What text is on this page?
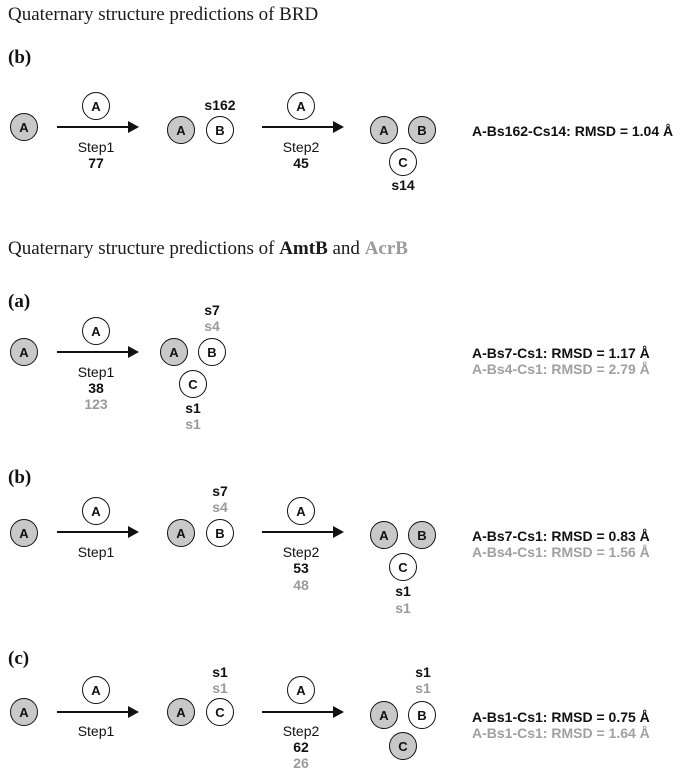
Quaternary structure predictions of BRD
(b)
A
A
Step1
77
s162
A	B
A
Step2
45
A	B
C
s14
A-Bs162-Cs14: RMSD = 1.04 Å
Quaternary structure predictions of AmtB and AcrB
(a)
A
A
Step1
38
123
s7
s4
A	B
C
s1
s1
A-Bs7-Cs1: RMSD = 1.17 Å
A-Bs4-Cs1: RMSD = 2.79 Å
(b)
A
A
Step1
s7
s4
A	B
A
Step2
53
48
A	B
C
s1
s1
A-Bs7-Cs1: RMSD = 0.83 Å
A-Bs4-Cs1: RMSD = 1.56 Å
(c)
A
A
Step1
s1
s1
A	C
A
Step2
62
26
s1
s1
A	B
C
A-Bs1-Cs1: RMSD = 0.75 Å
A-Bs1-Cs1: RMSD = 1.64 Å
